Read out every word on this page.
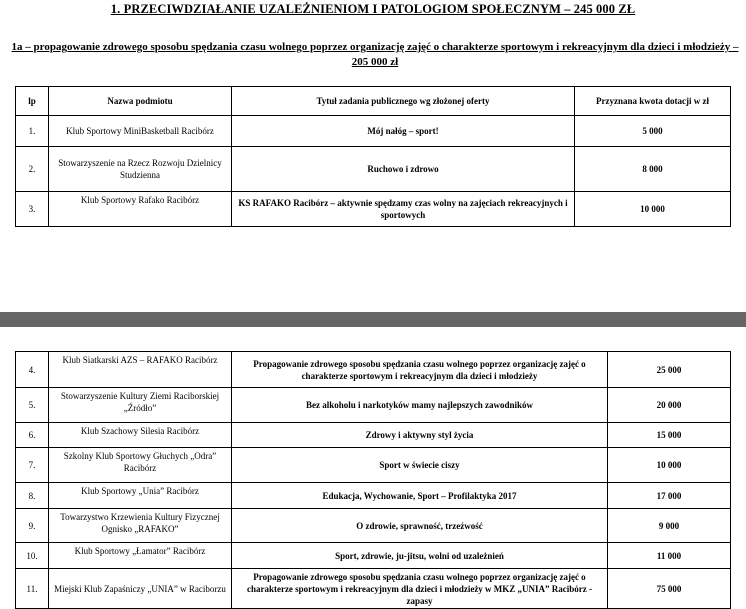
1. PRZECIWDZIAŁANIE UZALEŻNIENIOM I PATOLOGIOM SPOŁECZNYM – 245 000 ZŁ
1a – propagowanie zdrowego sposobu spędzania czasu wolnego poprzez organizację zajęć o charakterze sportowym i rekreacyjnym dla dzieci i młodzieży – 205 000 zł
lp	Nazwa podmiotu	Tytuł zadania publicznego wg złożonej oferty	Przyznana kwota dotacji w zł
1.	Klub Sportowy MiniBasketball Racibórz	Mój nałóg – sport!	5 000
2.	Stowarzyszenie na Rzecz Rozwoju Dzielnicy Studzienna	Ruchowo i zdrowo	8 000
3.	Klub Sportowy Rafako Racibórz	KS RAFAKO Racibórz – aktywnie spędzamy czas wolny na zajęciach rekreacyjnych i sportowych	10 000
4.	Klub Siatkarski AZS – RAFAKO Racibórz	Propagowanie zdrowego sposobu spędzania czasu wolnego poprzez organizację zajęć o charakterze sportowym i rekreacyjnym dla dzieci i młodzieży	25 000
5.	Stowarzyszenie Kultury Ziemi Raciborskiej „Źródło”	Bez alkoholu i narkotyków mamy najlepszych zawodników	20 000
6.	Klub Szachowy Silesia Racibórz	Zdrowy i aktywny styl życia	15 000
7.	Szkolny Klub Sportowy Głuchych „Odra” Racibórz	Sport w świecie ciszy	10 000
8.	Klub Sportowy „Unia” Racibórz	Edukacja, Wychowanie, Sport – Profilaktyka 2017	17 000
9.	Towarzystwo Krzewienia Kultury Fizycznej Ognisko „RAFAKO”	O zdrowie, sprawność, trzeźwość	9 000
10.	Klub Sportowy „Łamator” Racibórz	Sport, zdrowie, ju-jitsu, wolni od uzależnień	11 000
11.	Miejski Klub Zapaśniczy „UNIA” w Raciborzu	Propagowanie zdrowego sposobu spędzania czasu wolnego poprzez organizację zajęć o charakterze sportowym i rekreacyjnym dla dzieci i młodzieży w MKZ „UNIA” Racibórz - zapasy	75 000
